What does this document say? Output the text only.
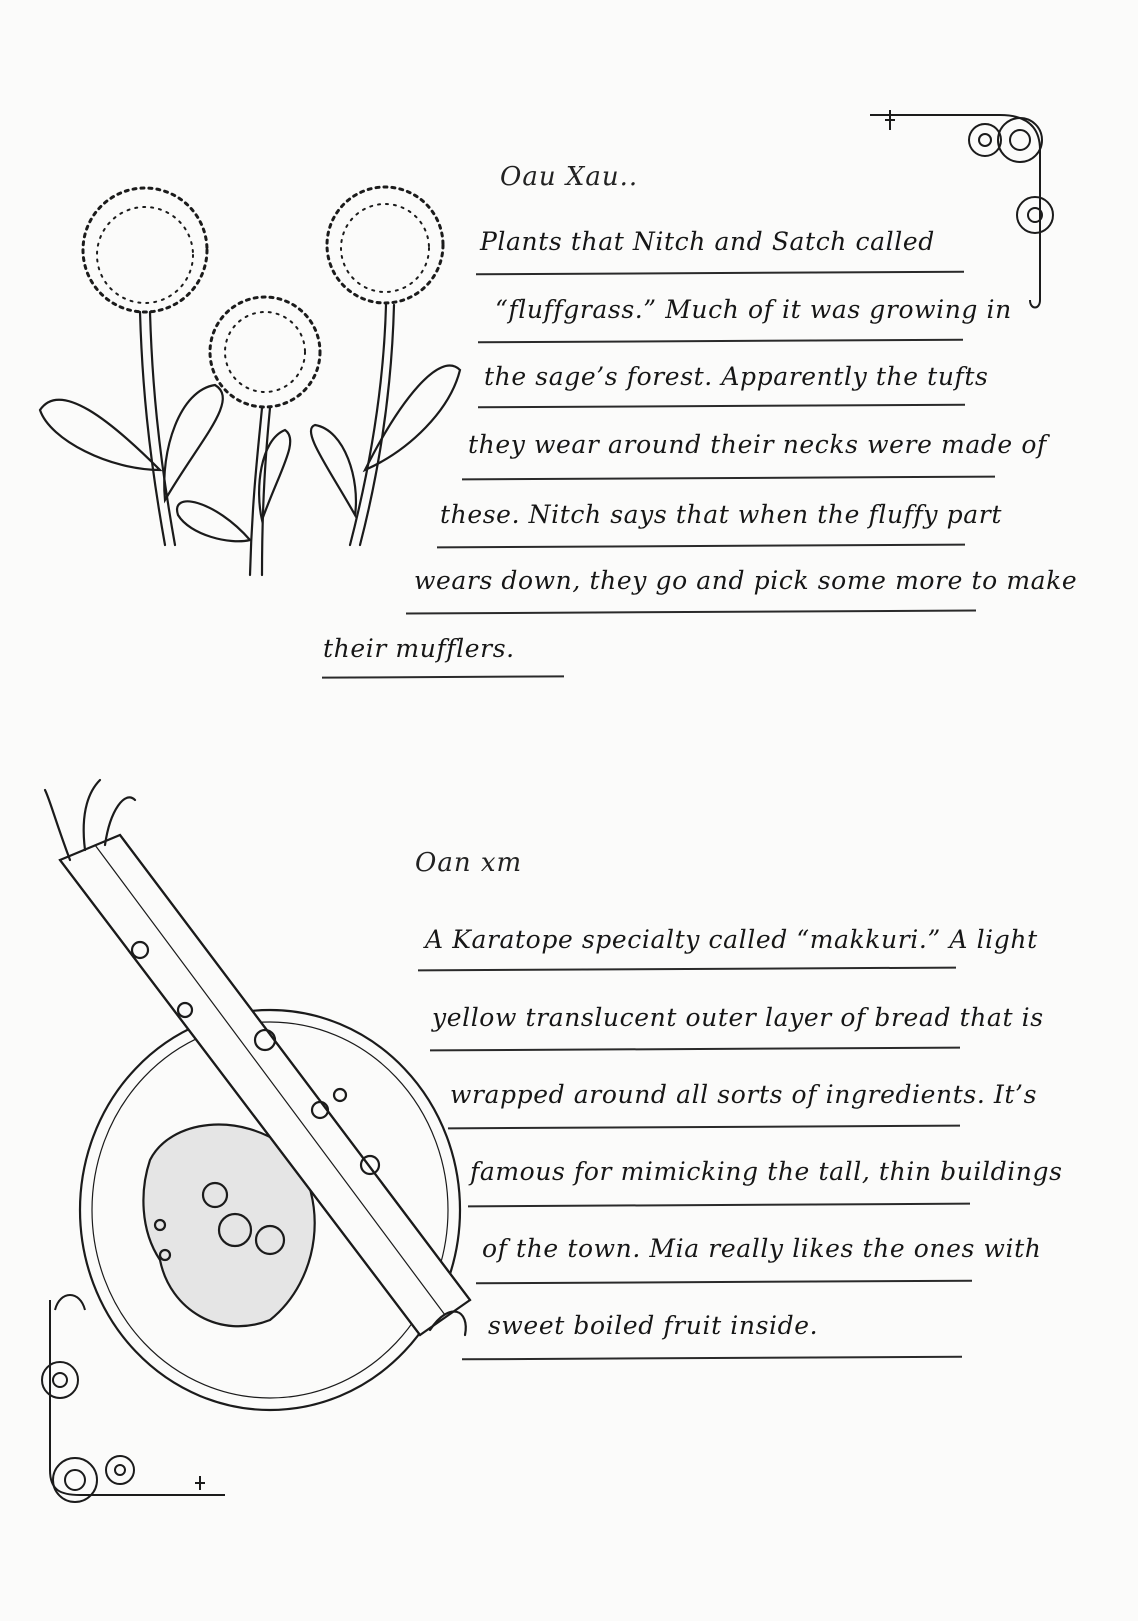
Oau Xau..
Plants that Nitch and Satch called
“fluffgrass.” Much of it was growing in
the sage’s forest. Apparently the tufts
they wear around their necks were made of
these. Nitch says that when the fluffy part
wears down, they go and pick some more to make
their mufflers.
Oan xm
A Karatope specialty called “makkuri.” A light
yellow translucent outer layer of bread that is
wrapped around all sorts of ingredients. It’s
famous for mimicking the tall, thin buildings
of the town. Mia really likes the ones with
sweet boiled fruit inside.
